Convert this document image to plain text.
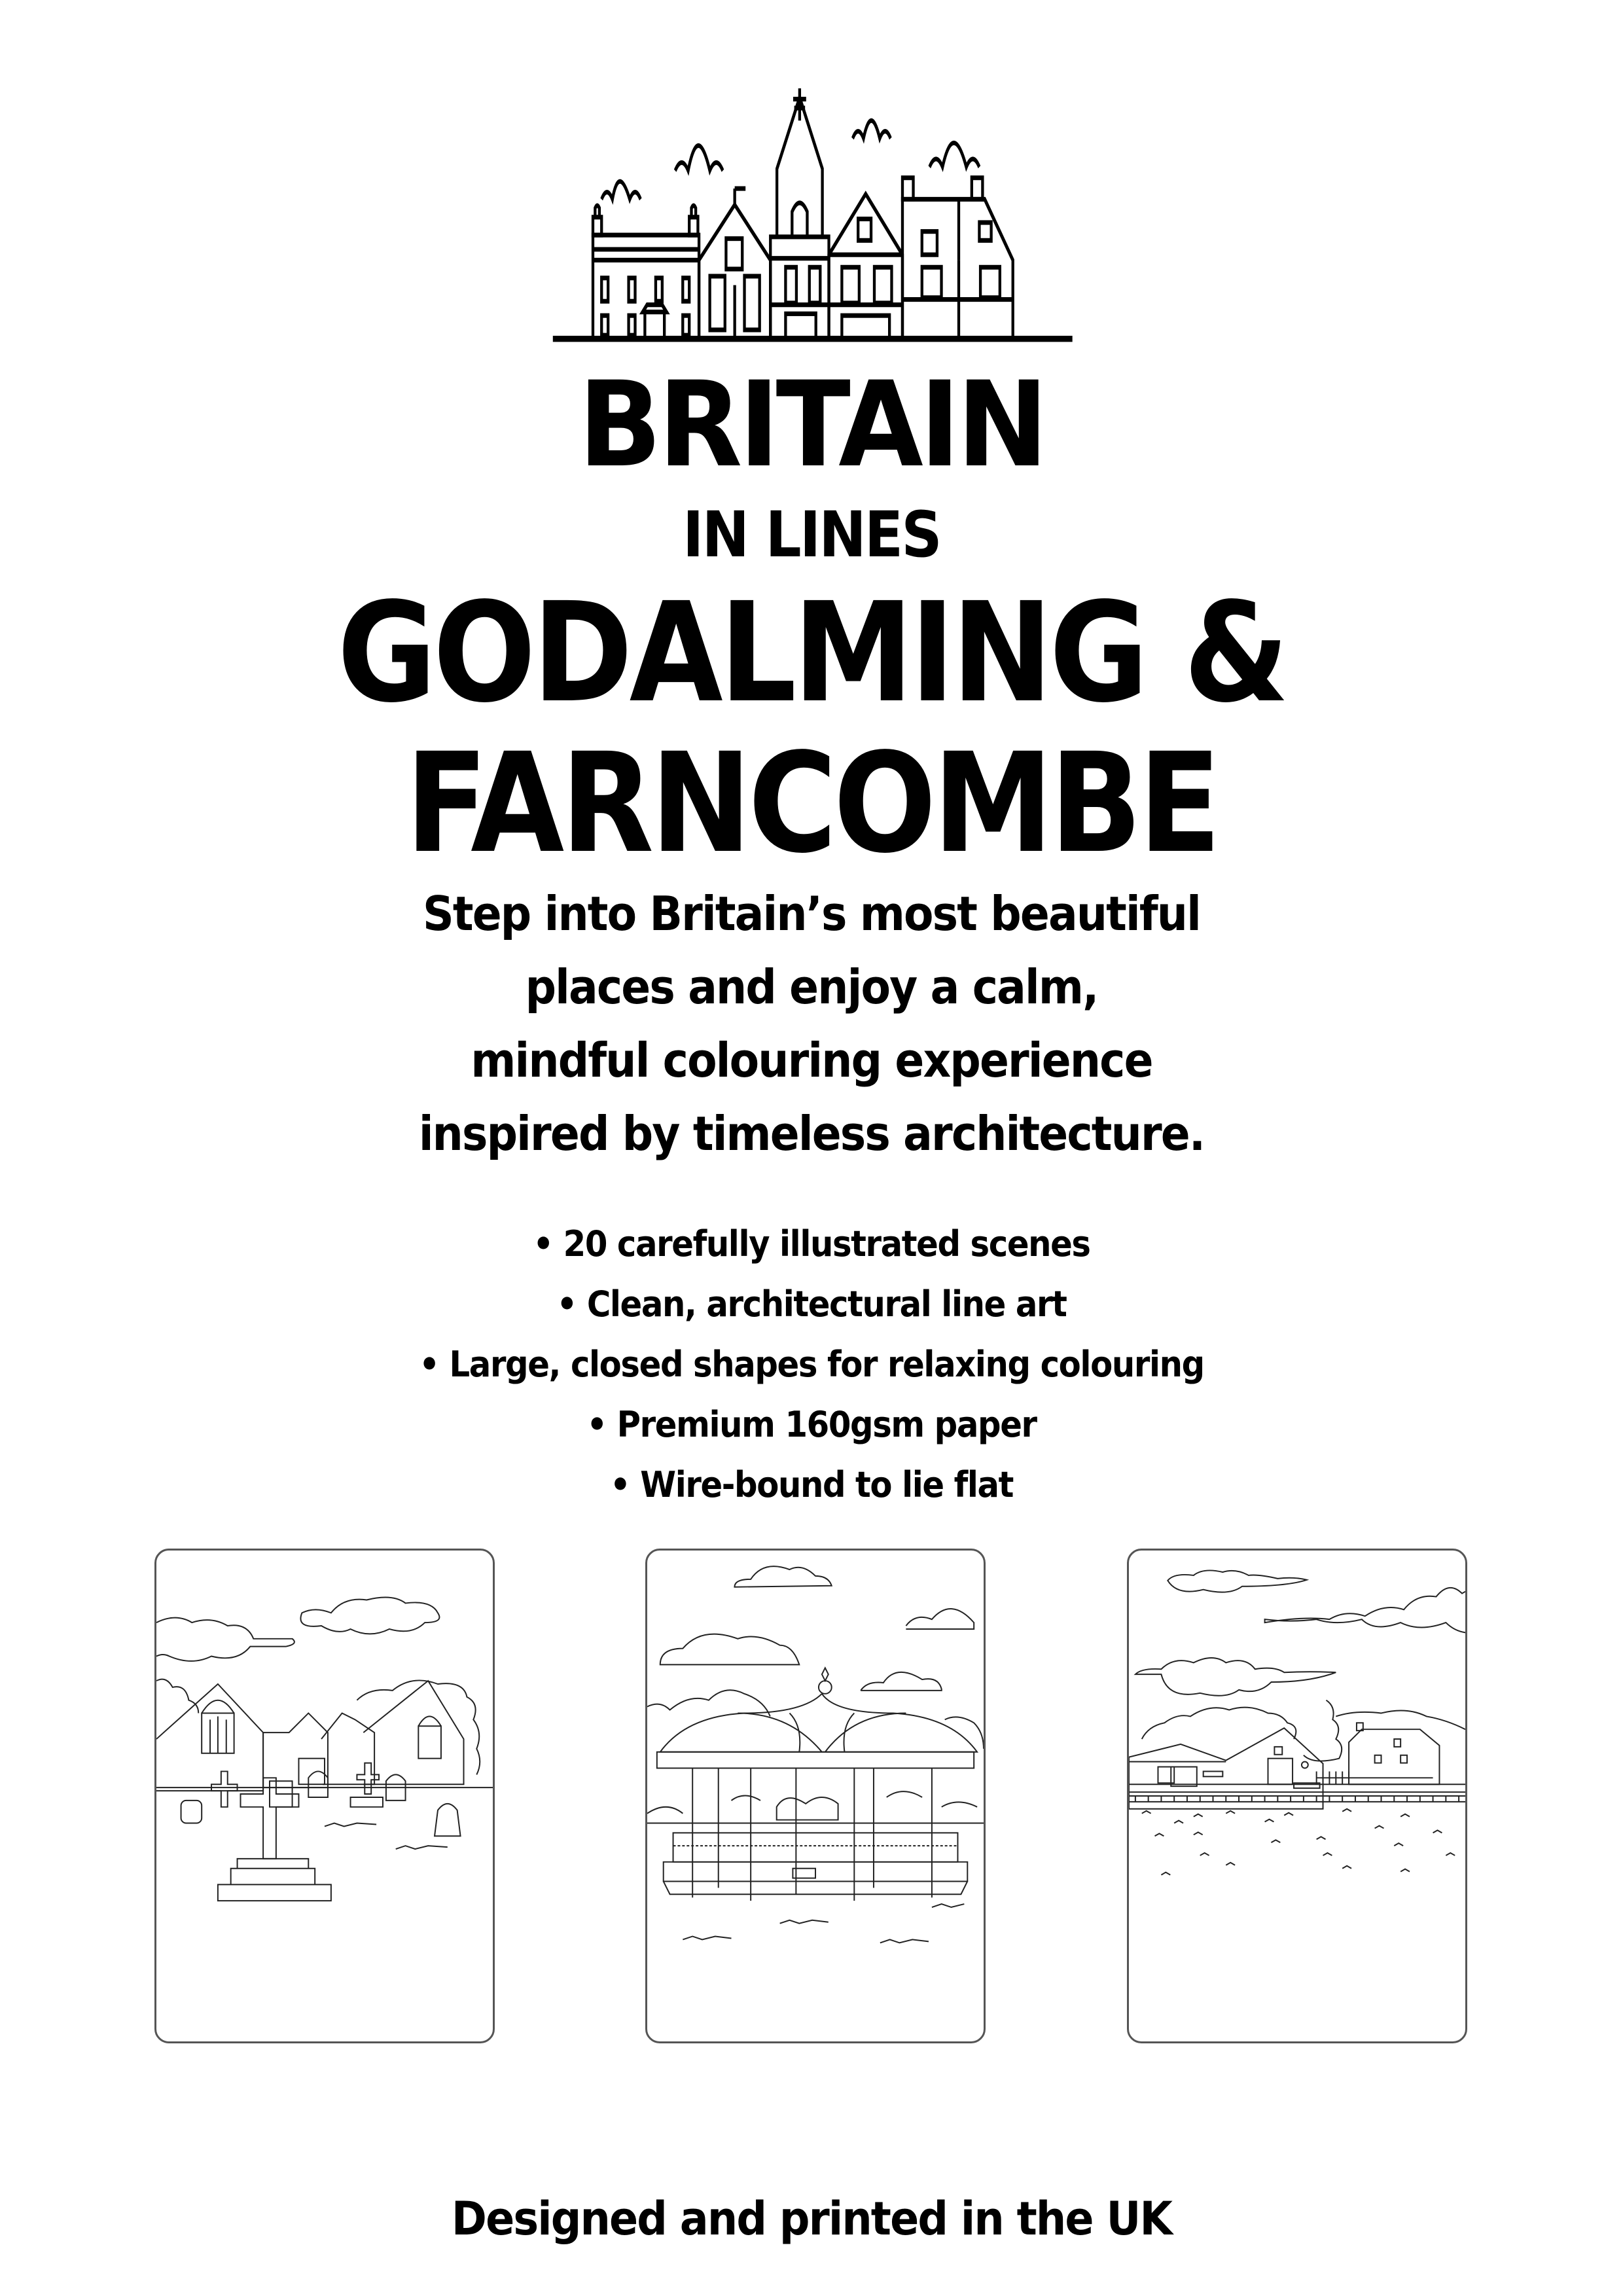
BRITAIN
IN LINES
GODALMING &
FARNCOMBE
Step into Britain’s most beautiful
places and enjoy a calm,
mindful colouring experience
inspired by timeless architecture.
• 20 carefully illustrated scenes
• Clean, architectural line art
• Large, closed shapes for relaxing colouring
• Premium 160gsm paper
• Wire-bound to lie flat
Designed and printed in the UK
